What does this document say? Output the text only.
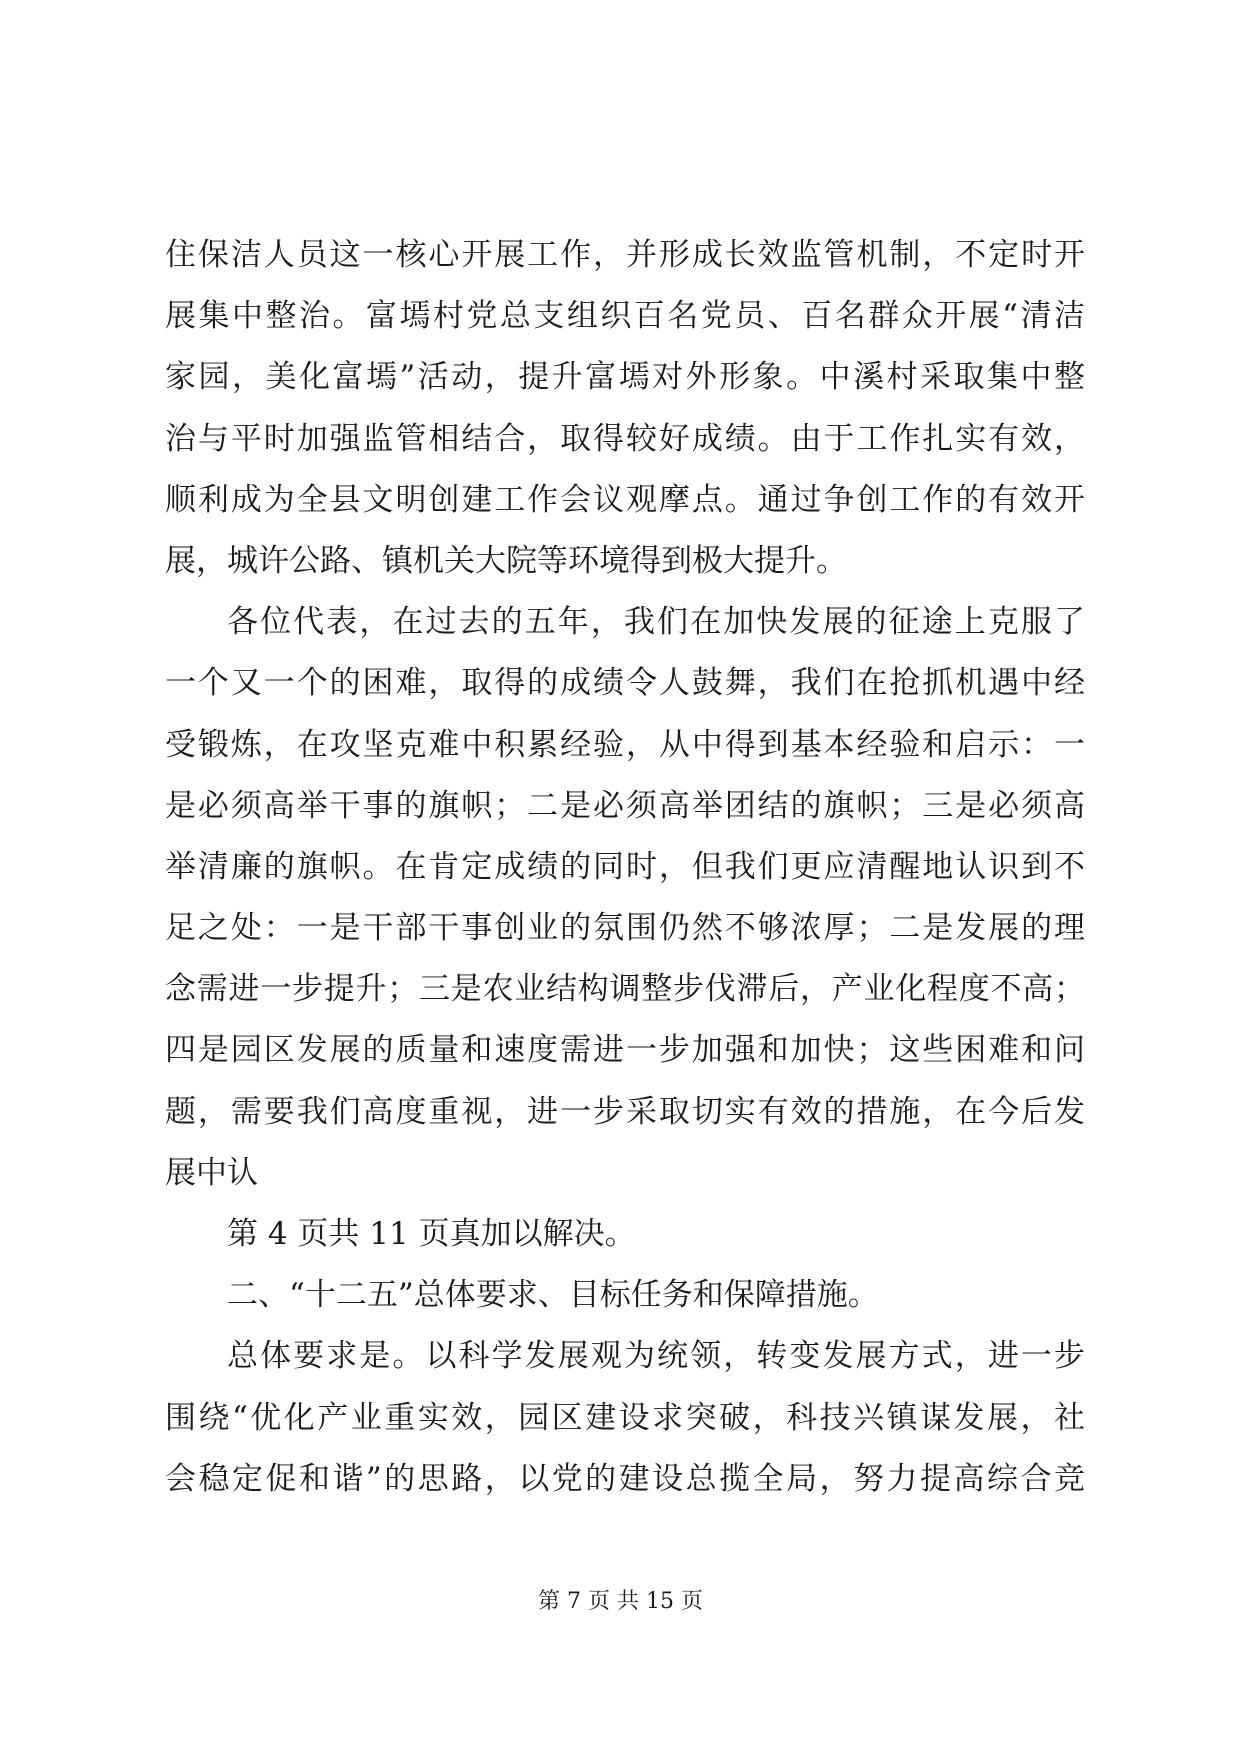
住保洁人员这一核心开展工作，并形成长效监管机制，不定时开
展集中整治。富墕村党总支组织百名党员、百名群众开展“清洁
家园，美化富墕”活动，提升富墕对外形象。中溪村采取集中整
治与平时加强监管相结合，取得较好成绩。由于工作扎实有效，
顺利成为全县文明创建工作会议观摩点。通过争创工作的有效开
展，城许公路、镇机关大院等环境得到极大提升。
各位代表，在过去的五年，我们在加快发展的征途上克服了
一个又一个的困难，取得的成绩令人鼓舞，我们在抢抓机遇中经
受锻炼，在攻坚克难中积累经验，从中得到基本经验和启示：一
是必须高举干事的旗帜；二是必须高举团结的旗帜；三是必须高
举清廉的旗帜。在肯定成绩的同时，但我们更应清醒地认识到不
足之处：一是干部干事创业的氛围仍然不够浓厚；二是发展的理
念需进一步提升；三是农业结构调整步伐滞后，产业化程度不高；
四是园区发展的质量和速度需进一步加强和加快；这些困难和问
题，需要我们高度重视，进一步采取切实有效的措施，在今后发
展中认
第 4 页共 11 页真加以解决。
二、“十二五”总体要求、目标任务和保障措施。
总体要求是。以科学发展观为统领，转变发展方式，进一步
围绕“优化产业重实效，园区建设求突破，科技兴镇谋发展，社
会稳定促和谐”的思路，以党的建设总揽全局，努力提高综合竞
第 7 页 共 15 页
